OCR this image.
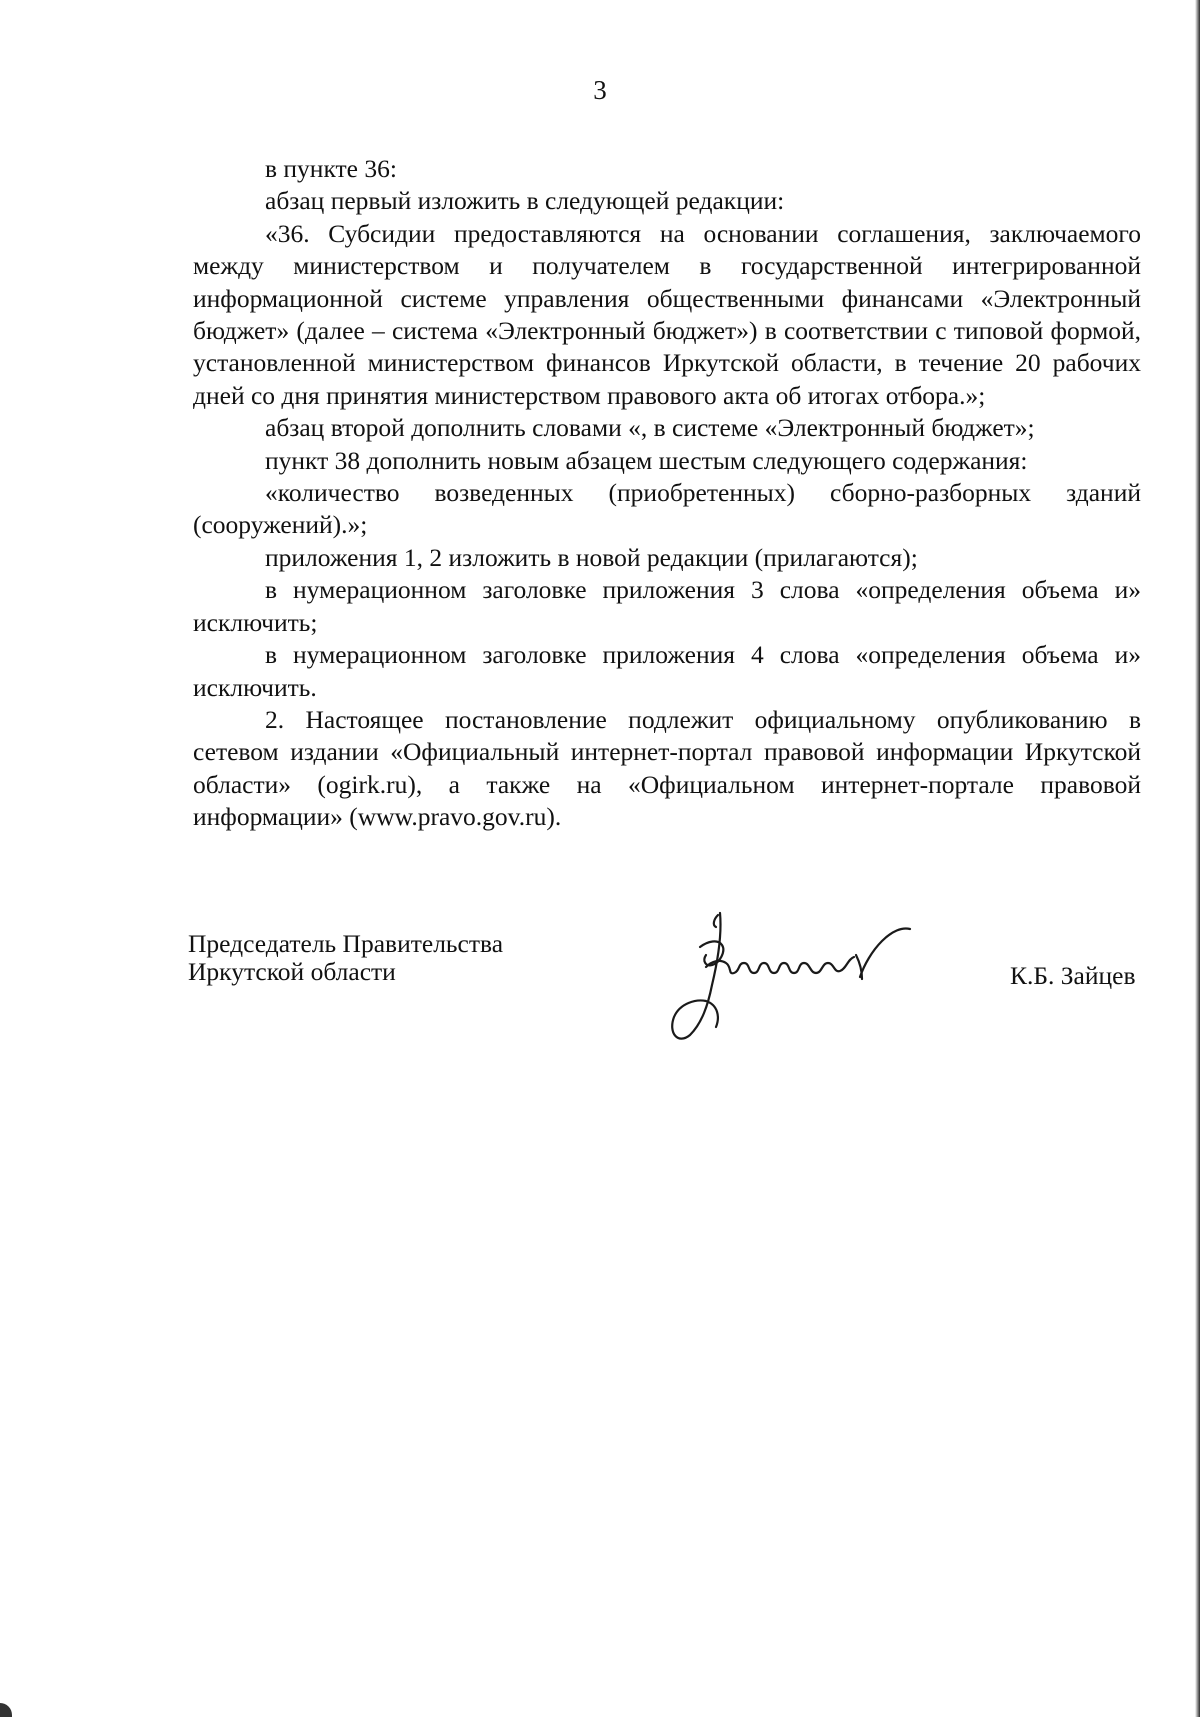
3

в пункте 36:

абзац первый изложить в следующей редакции:

«36. Субсидии предоставляются на основании соглашения, заключаемого между министерством и получателем в государственной интегрированной информационной системе управления общественными финансами «Электронный бюджет» (далее – система «Электронный бюджет») в соответствии с типовой формой, установленной министерством финансов Иркутской области, в течение 20 рабочих дней со дня принятия министерством правового акта об итогах отбора.»;

абзац второй дополнить словами «, в системе «Электронный бюджет»;

пункт 38 дополнить новым абзацем шестым следующего содержания:

«количество возведенных (приобретенных) сборно-разборных зданий (сооружений).»;

приложения 1, 2 изложить в новой редакции (прилагаются);

в нумерационном заголовке приложения 3 слова «определения объема и» исключить;

в нумерационном заголовке приложения 4 слова «определения объема и» исключить.

2. Настоящее постановление подлежит официальному опубликованию в сетевом издании «Официальный интернет-портал правовой информации Иркутской области» (ogirk.ru), а также на «Официальном интернет-портале правовой информации» (www.pravo.gov.ru).

Председатель Правительства
Иркутской области	К.Б. Зайцев
